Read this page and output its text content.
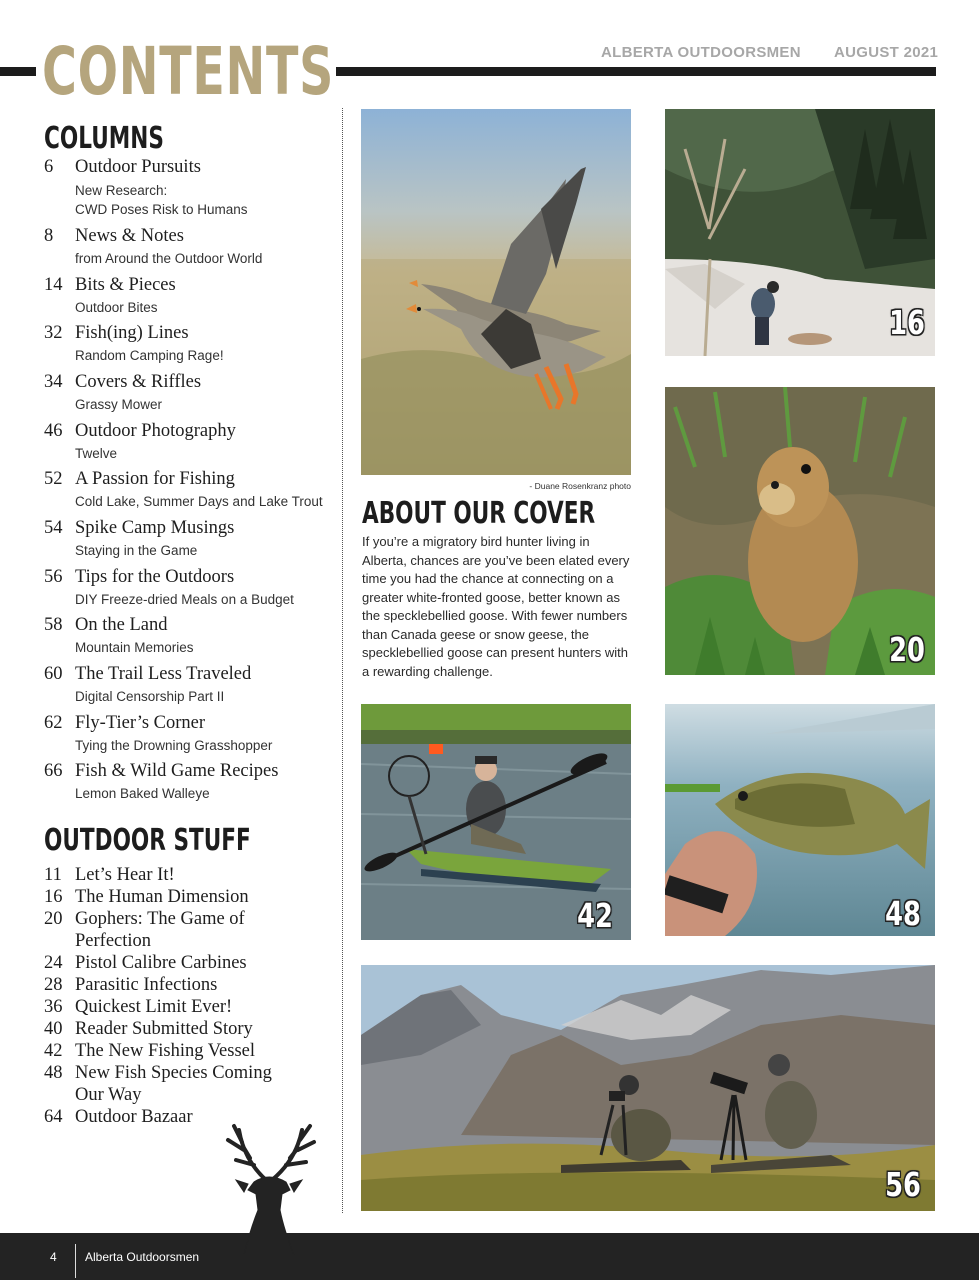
CONTENTS	ALBERTA OUTDOORSMEN AUGUST 2021
COLUMNS
6	Outdoor Pursuits
New Research:
CWD Poses Risk to Humans
8	News & Notes
from Around the Outdoor World
14 Bits & Pieces
Outdoor Bites
32 Fish(ing) Lines
Random Camping Rage!
34 Covers & Riffles
Grassy Mower
46 Outdoor Photography
Twelve
52 A Passion for Fishing
Cold Lake, Summer Days and Lake Trout
54 Spike Camp Musings
Staying in the Game
56 Tips for the Outdoors
DIY Freeze-dried Meals on a Budget
58 On the Land
Mountain Memories
60 The Trail Less Traveled
Digital Censorship Part II
62 Fly-Tier’s Corner
Tying the Drowning Grasshopper
66 Fish & Wild Game Recipes
Lemon Baked Walleye
OUTDOOR STUFF
11 Let’s Hear It!
16 The Human Dimension
20 Gophers: The Game of
Perfection
24 Pistol Calibre Carbines
28 Parasitic Infections
36 Quickest Limit Ever!
40 Reader Submitted Story
42 The New Fishing Vessel
48 New Fish Species Coming
Our Way
64 Outdoor Bazaar
- Duane Rosenkranz photo
ABOUT OUR COVER
If you’re a migratory bird hunter living in Alberta, chances are you’ve been elated every time you had the chance at connecting on a greater white-fronted goose, better known as the specklebellied goose. With fewer numbers than Canada geese or snow geese, the specklebellied goose can present hunters with a rewarding challenge.
16
20
42	48
56
4 Alberta Outdoorsmen
